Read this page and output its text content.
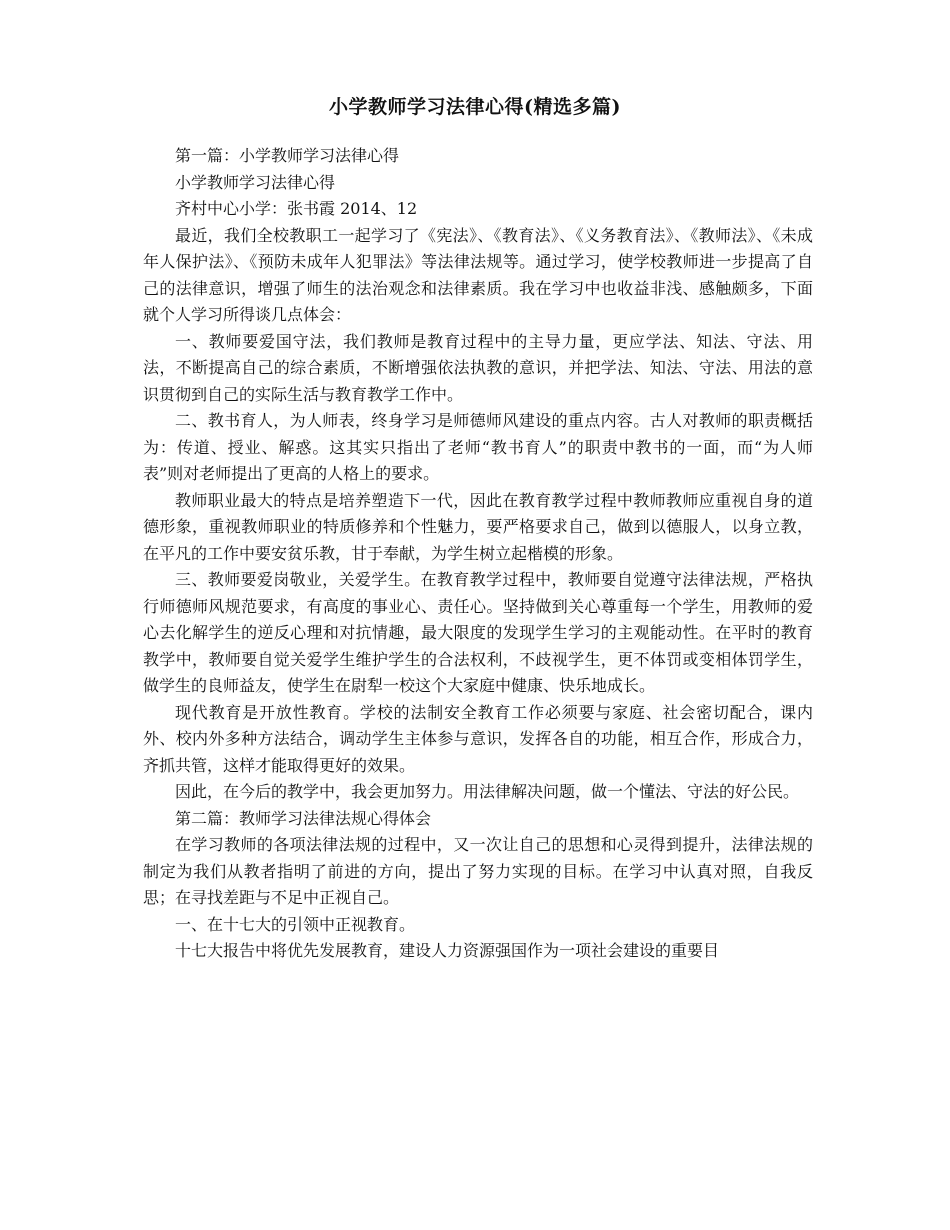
小学教师学习法律心得(精选多篇)

第一篇：小学教师学习法律心得

小学教师学习法律心得

齐村中心小学：张书霞 2014、12

最近，我们全校教职工一起学习了《宪法》、《教育法》、《义务教育法》、《教师法》、《未成年人保护法》、《预防未成年人犯罪法》等法律法规等。通过学习，使学校教师进一步提高了自己的法律意识，增强了师生的法治观念和法律素质。我在学习中也收益非浅、感触颇多，下面就个人学习所得谈几点体会：

一、教师要爱国守法，我们教师是教育过程中的主导力量，更应学法、知法、守法、用法，不断提高自己的综合素质，不断增强依法执教的意识，并把学法、知法、守法、用法的意识贯彻到自己的实际生活与教育教学工作中。

二、教书育人，为人师表，终身学习是师德师风建设的重点内容。古人对教师的职责概括为：传道、授业、解惑。这其实只指出了老师“教书育人”的职责中教书的一面，而“为人师表”则对老师提出了更高的人格上的要求。

教师职业最大的特点是培养塑造下一代，因此在教育教学过程中教师教师应重视自身的道德形象，重视教师职业的特质修养和个性魅力，要严格要求自己，做到以德服人，以身立教，在平凡的工作中要安贫乐教，甘于奉献，为学生树立起楷模的形象。

三、教师要爱岗敬业，关爱学生。在教育教学过程中，教师要自觉遵守法律法规，严格执行师德师风规范要求，有高度的事业心、责任心。坚持做到关心尊重每一个学生，用教师的爱心去化解学生的逆反心理和对抗情趣，最大限度的发现学生学习的主观能动性。在平时的教育教学中，教师要自觉关爱学生维护学生的合法权利，不歧视学生，更不体罚或变相体罚学生，做学生的良师益友，使学生在尉犁一校这个大家庭中健康、快乐地成长。

现代教育是开放性教育。学校的法制安全教育工作必须要与家庭、社会密切配合，课内外、校内外多种方法结合，调动学生主体参与意识，发挥各自的功能，相互合作，形成合力，齐抓共管，这样才能取得更好的效果。

因此，在今后的教学中，我会更加努力。用法律解决问题，做一个懂法、守法的好公民。

第二篇：教师学习法律法规心得体会

在学习教师的各项法律法规的过程中，又一次让自己的思想和心灵得到提升，法律法规的制定为我们从教者指明了前进的方向，提出了努力实现的目标。在学习中认真对照，自我反思；在寻找差距与不足中正视自己。

一、在十七大的引领中正视教育。

十七大报告中将优先发展教育，建设人力资源强国作为一项社会建设的重要目
